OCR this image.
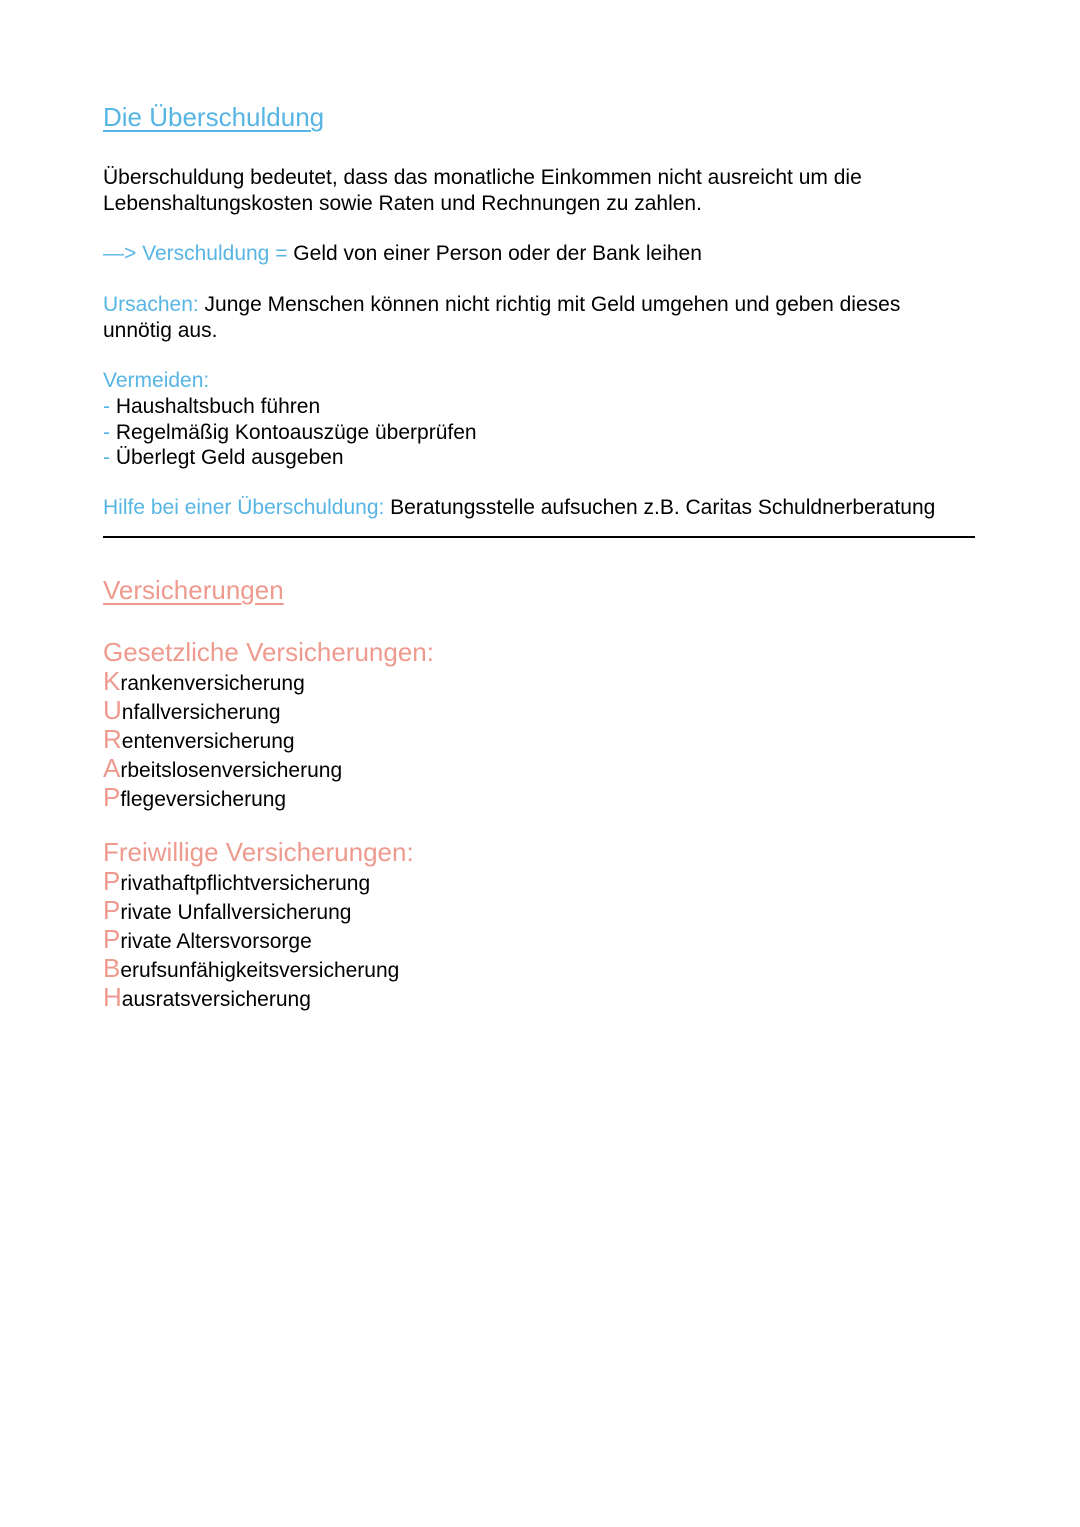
Die Überschuldung
Überschuldung bedeutet, dass das monatliche Einkommen nicht ausreicht um die
Lebenshaltungskosten sowie Raten und Rechnungen zu zahlen.
—> Verschuldung = Geld von einer Person oder der Bank leihen
Ursachen: Junge Menschen können nicht richtig mit Geld umgehen und geben dieses
unnötig aus.
Vermeiden:
- Haushaltsbuch führen
- Regelmäßig Kontoauszüge überprüfen
- Überlegt Geld ausgeben
Hilfe bei einer Überschuldung: Beratungsstelle aufsuchen z.B. Caritas Schuldnerberatung
Versicherungen
Gesetzliche Versicherungen:
Krankenversicherung
Unfallversicherung
Rentenversicherung
Arbeitslosenversicherung
Pflegeversicherung
Freiwillige Versicherungen:
Privathaftpflichtversicherung
Private Unfallversicherung
Private Altersvorsorge
Berufsunfähigkeitsversicherung
Hausratsversicherung
